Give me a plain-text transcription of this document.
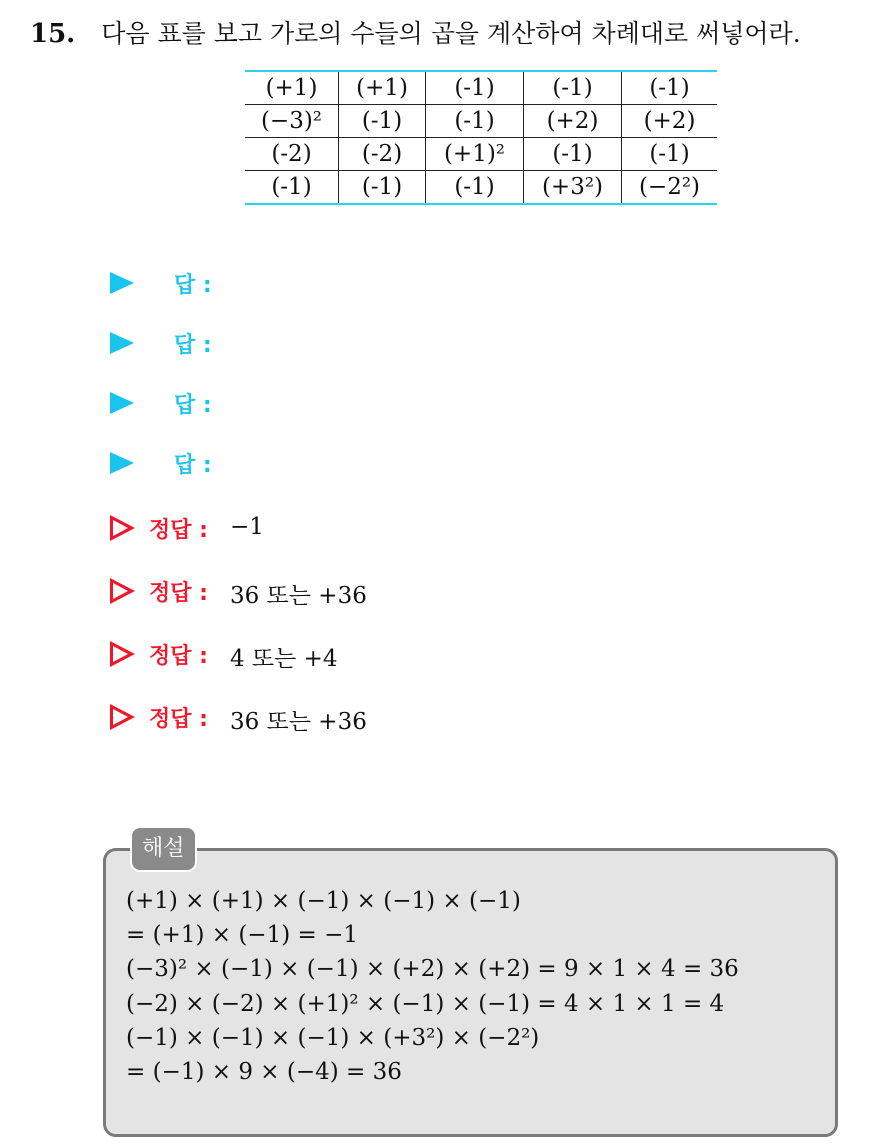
15. 다음 표를 보고 가로의 수들의 곱을 계산하여 차례대로 써넣어라.
(+1)	(+1)	(-1)	(-1)	(-1)
(−3)²	(-1)	(-1)	(+2)	(+2)
(-2)	(-2)	(+1)²	(-1)	(-1)
(-1)	(-1)	(-1)	(+3²)	(−2²)
답 :
답 :
답 :
답 :
정답 : −1
정답 : 36 또는 +36
정답 : 4 또는 +4
정답 : 36 또는 +36
해설
(+1) × (+1) × (−1) × (−1) × (−1)
= (+1) × (−1) = −1
(−3)² × (−1) × (−1) × (+2) × (+2) = 9 × 1 × 4 = 36
(−2) × (−2) × (+1)² × (−1) × (−1) = 4 × 1 × 1 = 4
(−1) × (−1) × (−1) × (+3²) × (−2²)
= (−1) × 9 × (−4) = 36
